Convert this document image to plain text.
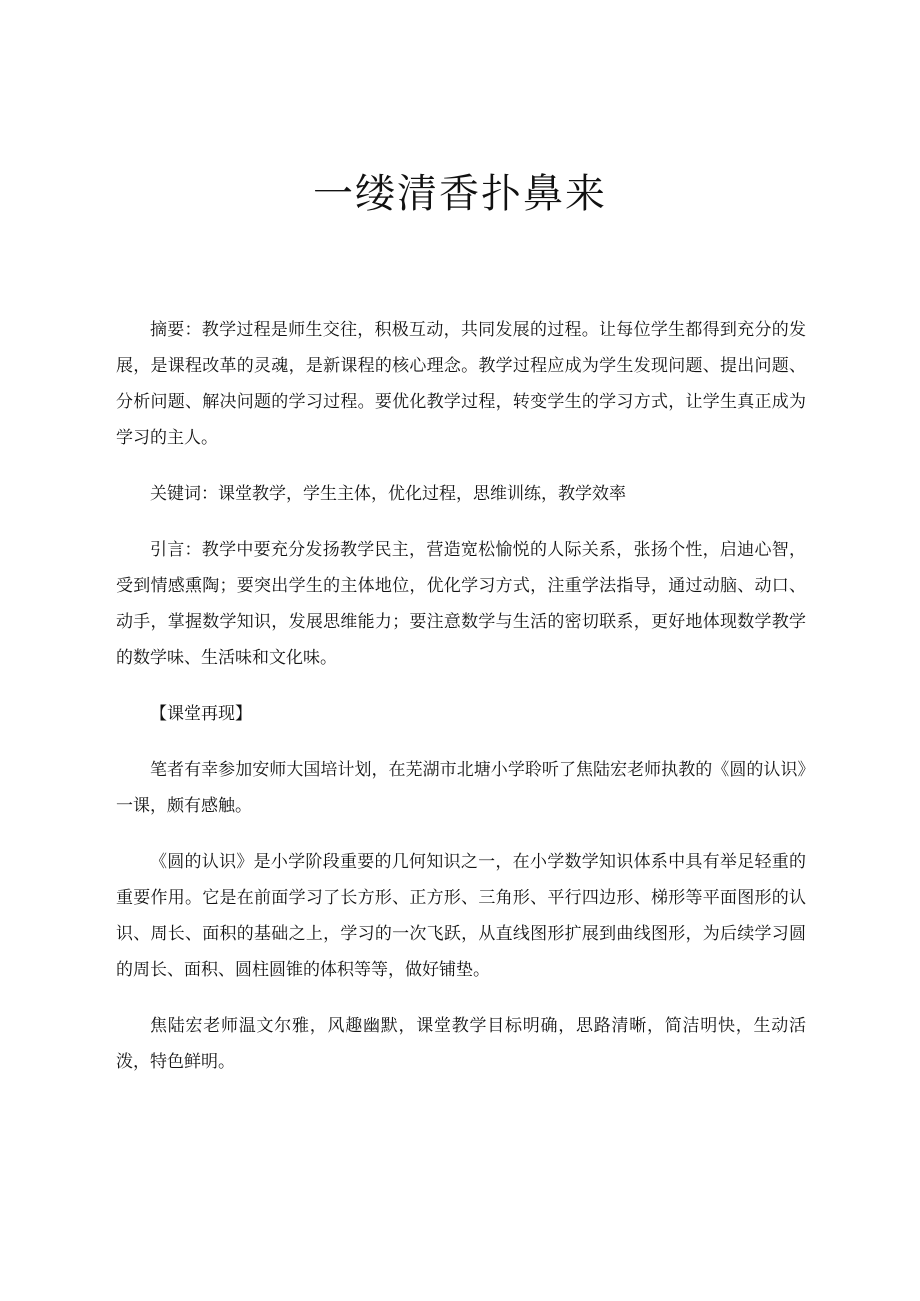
一缕清香扑鼻来

摘要：教学过程是师生交往，积极互动，共同发展的过程。让每位学生都得到充分的发展，是课程改革的灵魂，是新课程的核心理念。教学过程应成为学生发现问题、提出问题、分析问题、解决问题的学习过程。要优化教学过程，转变学生的学习方式，让学生真正成为学习的主人。

关键词：课堂教学，学生主体，优化过程，思维训练，教学效率

引言：教学中要充分发扬教学民主，营造宽松愉悦的人际关系，张扬个性，启迪心智，受到情感熏陶；要突出学生的主体地位，优化学习方式，注重学法指导，通过动脑、动口、动手，掌握数学知识，发展思维能力；要注意数学与生活的密切联系，更好地体现数学教学的数学味、生活味和文化味。

【课堂再现】

笔者有幸参加安师大国培计划，在芜湖市北塘小学聆听了焦陆宏老师执教的《圆的认识》一课，颇有感触。

《圆的认识》是小学阶段重要的几何知识之一，在小学数学知识体系中具有举足轻重的重要作用。它是在前面学习了长方形、正方形、三角形、平行四边形、梯形等平面图形的认识、周长、面积的基础之上，学习的一次飞跃，从直线图形扩展到曲线图形，为后续学习圆的周长、面积、圆柱圆锥的体积等等，做好铺垫。

焦陆宏老师温文尔雅，风趣幽默，课堂教学目标明确，思路清晰，简洁明快，生动活泼，特色鲜明。
